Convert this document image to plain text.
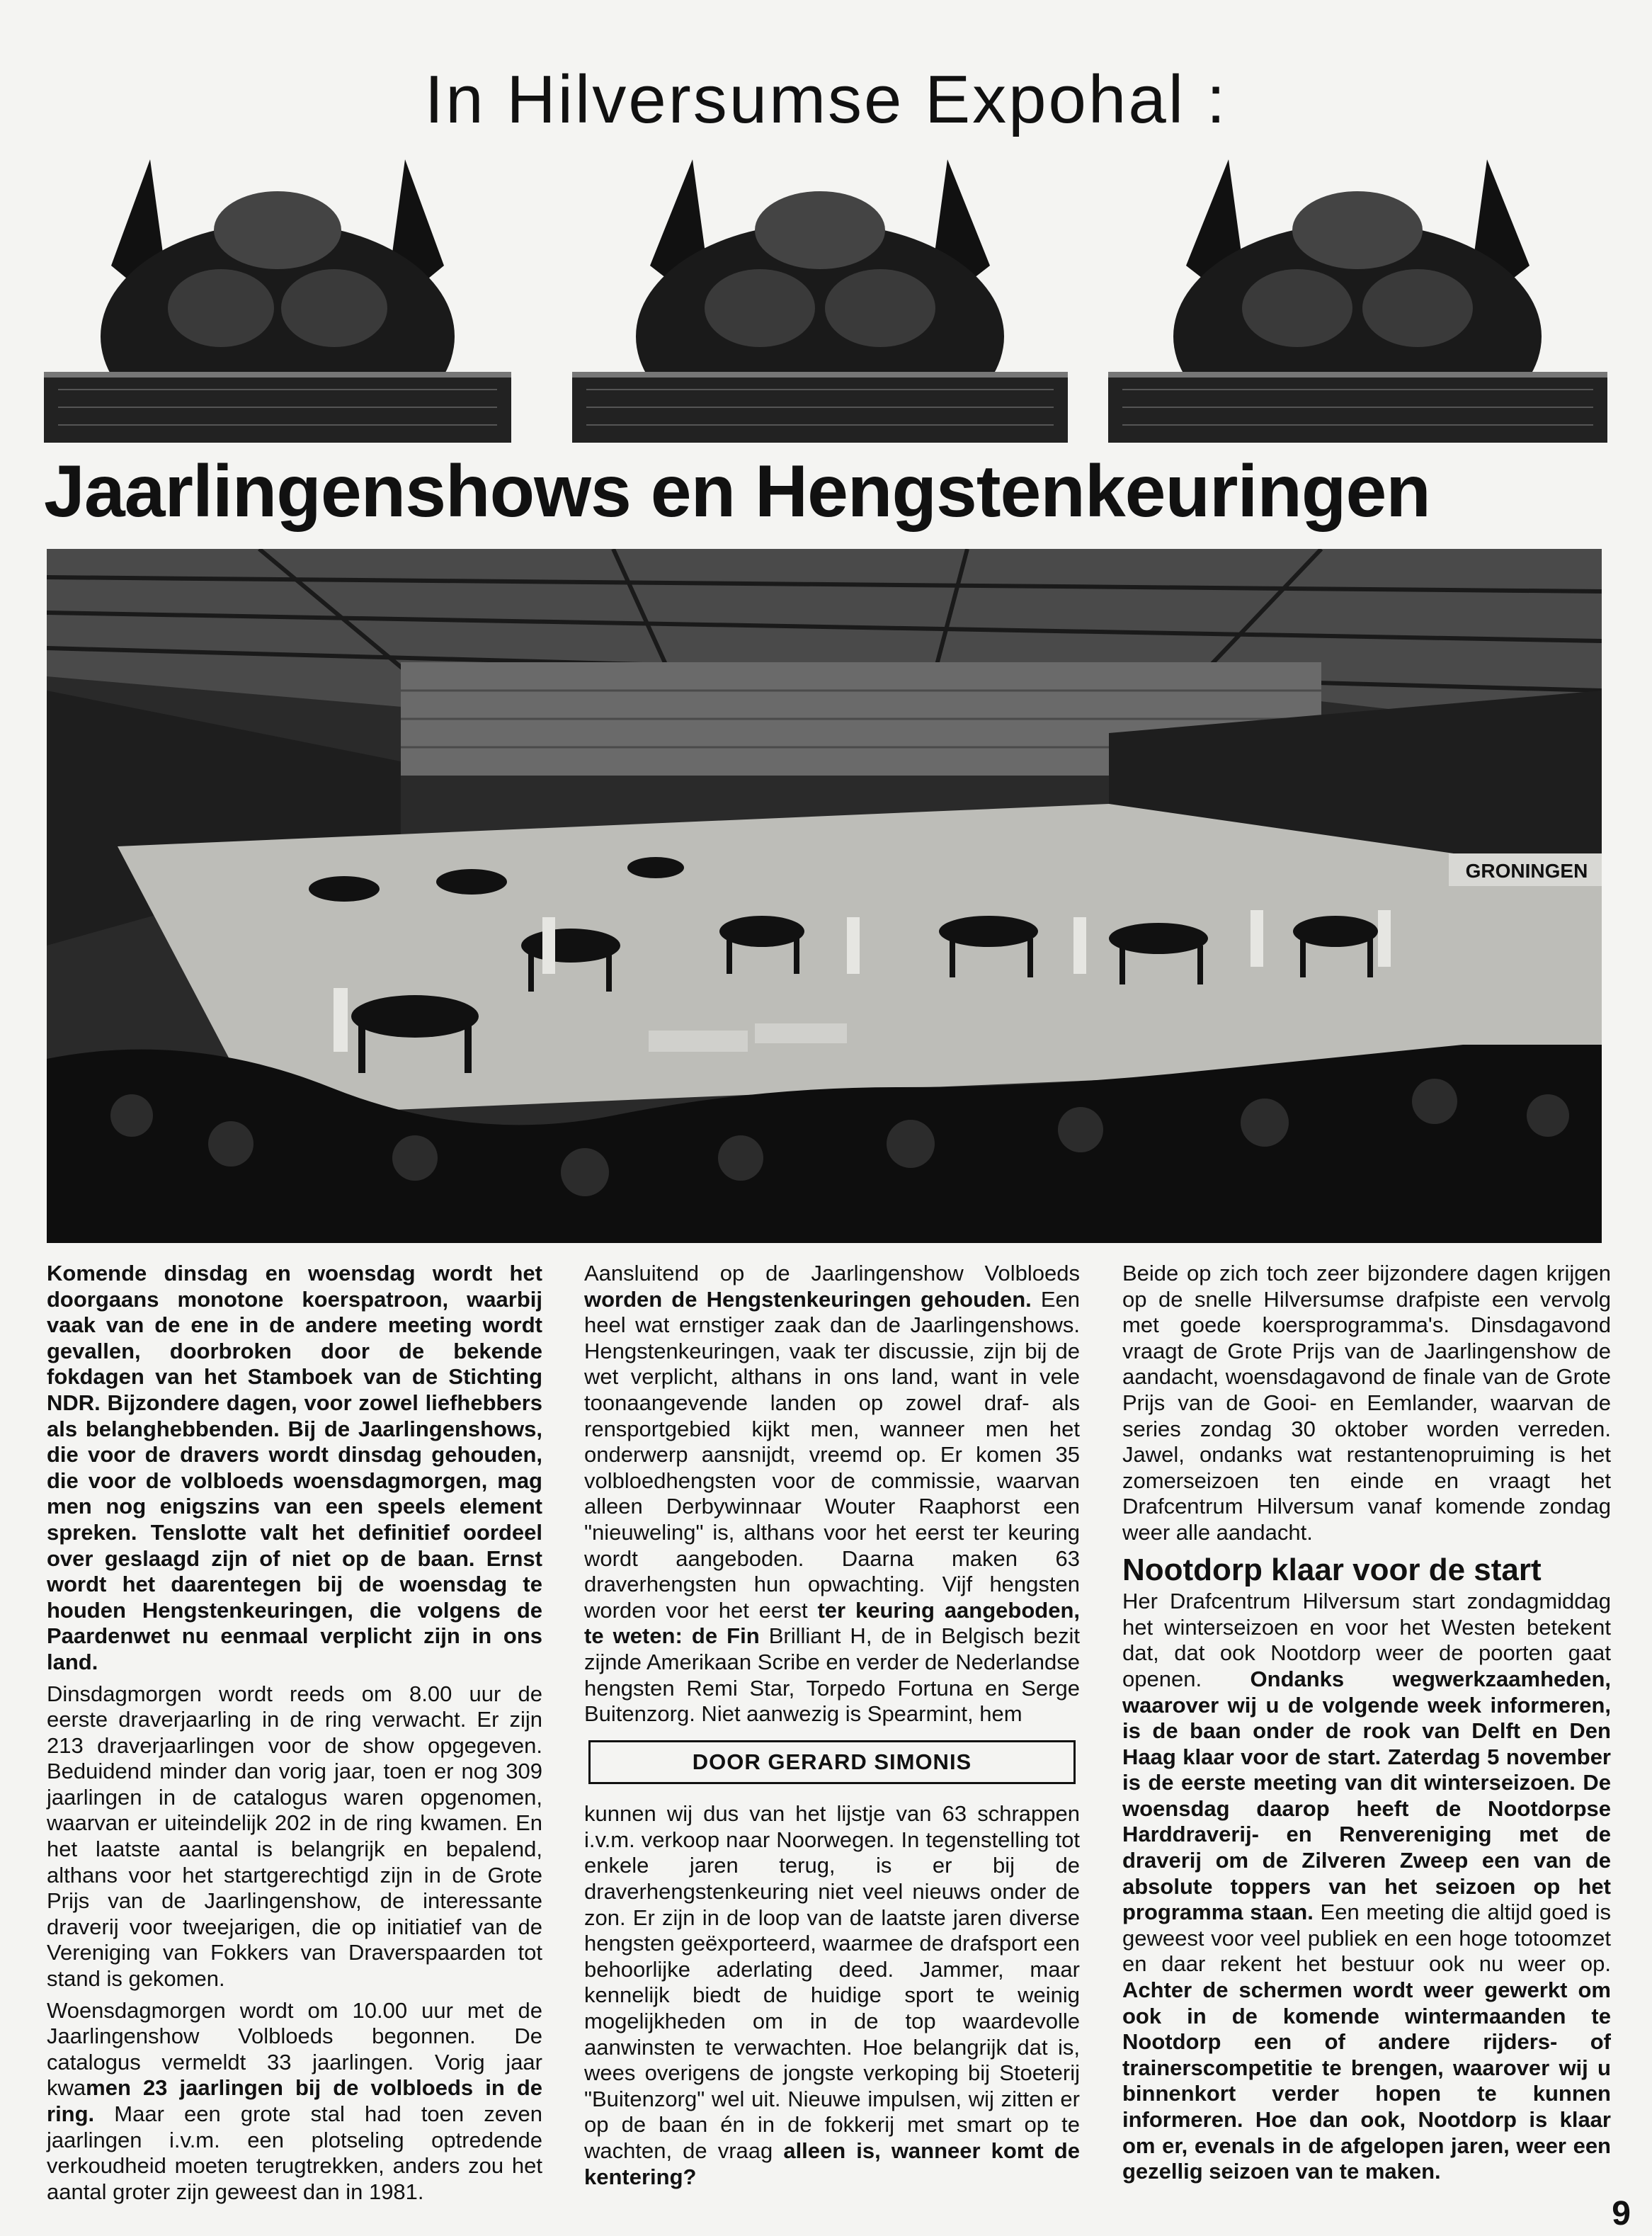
In Hilversumse Expohal :
Jaarlingenshows en Hengstenkeuringen
GRONINGEN

Komende dinsdag en woensdag wordt het doorgaans monotone koerspatroon, waarbij vaak van de ene in de andere meeting wordt gevallen, doorbroken door de bekende fokdagen van het Stamboek van de Stichting NDR. Bijzondere dagen, voor zowel liefhebbers als belanghebbenden. Bij de Jaarlingenshows, die voor de dravers wordt dinsdag gehouden, die voor de volbloeds woensdagmorgen, mag men nog enigszins van een speels element spreken. Tenslotte valt het definitief oordeel over geslaagd zijn of niet op de baan. Ernst wordt het daarentegen bij de woensdag te houden Hengstenkeuringen, die volgens de Paardenwet nu eenmaal verplicht zijn in ons land.

Dinsdagmorgen wordt reeds om 8.00 uur de eerste draverjaarling in de ring verwacht. Er zijn 213 draverjaarlingen voor de show opgegeven. Beduidend minder dan vorig jaar, toen er nog 309 jaarlingen in de catalogus waren opgenomen, waarvan er uiteindelijk 202 in de ring kwamen. En het laatste aantal is belangrijk en bepalend, althans voor het startgerechtigd zijn in de Grote Prijs van de Jaarlingenshow, de interessante draverij voor tweejarigen, die op initiatief van de Vereniging van Fokkers van Draverspaarden tot stand is gekomen.

Woensdagmorgen wordt om 10.00 uur met de Jaarlingenshow Volbloeds begonnen. De catalogus vermeldt 33 jaarlingen. Vorig jaar kwamen 23 jaarlingen bij de volbloeds in de ring. Maar een grote stal had toen zeven jaarlingen i.v.m. een plotseling optredende verkoudheid moeten terugtrekken, anders zou het aantal groter zijn geweest dan in 1981.

Aansluitend op de Jaarlingenshow Volbloeds worden de Hengstenkeuringen gehouden. Een heel wat ernstiger zaak dan de Jaarlingenshows. Hengstenkeuringen, vaak ter discussie, zijn bij de wet verplicht, althans in ons land, want in vele toonaangevende landen op zowel draf- als rensportgebied kijkt men, wanneer men het onderwerp aansnijdt, vreemd op. Er komen 35 volbloedhengsten voor de commissie, waarvan alleen Derbywinnaar Wouter Raaphorst een "nieuweling" is, althans voor het eerst ter keuring wordt aangeboden. Daarna maken 63 draverhengsten hun opwachting. Vijf hengsten worden voor het eerst ter keuring aangeboden, te weten: de Fin Brilliant H, de in Belgisch bezit zijnde Amerikaan Scribe en verder de Nederlandse hengsten Remi Star, Torpedo Fortuna en Serge Buitenzorg. Niet aanwezig is Spearmint, hem

DOOR GERARD SIMONIS

kunnen wij dus van het lijstje van 63 schrappen i.v.m. verkoop naar Noorwegen. In tegenstelling tot enkele jaren terug, is er bij de draverhengstenkeuring niet veel nieuws onder de zon. Er zijn in de loop van de laatste jaren diverse hengsten geëxporteerd, waarmee de drafsport een behoorlijke aderlating deed. Jammer, maar kennelijk biedt de huidige sport te weinig mogelijkheden om in de top waardevolle aanwinsten te verwachten. Hoe belangrijk dat is, wees overigens de jongste verkoping bij Stoeterij "Buitenzorg" wel uit. Nieuwe impulsen, wij zitten er op de baan én in de fokkerij met smart op te wachten, de vraag alleen is, wanneer komt de kentering?

Beide op zich toch zeer bijzondere dagen krijgen op de snelle Hilversumse drafpiste een vervolg met goede koersprogramma's. Dinsdagavond vraagt de Grote Prijs van de Jaarlingenshow de aandacht, woensdagavond de finale van de Grote Prijs van de Gooi- en Eemlander, waarvan de series zondag 30 oktober worden verreden. Jawel, ondanks wat restantenopruiming is het zomerseizoen ten einde en vraagt het Drafcentrum Hilversum vanaf komende zondag weer alle aandacht.

Nootdorp klaar voor de start

Her Drafcentrum Hilversum start zondagmiddag het winterseizoen en voor het Westen betekent dat, dat ook Nootdorp weer de poorten gaat openen. Ondanks wegwerkzaamheden, waarover wij u de volgende week informeren, is de baan onder de rook van Delft en Den Haag klaar voor de start. Zaterdag 5 november is de eerste meeting van dit winterseizoen. De woensdag daarop heeft de Nootdorpse Harddraverij- en Renvereniging met de draverij om de Zilveren Zweep een van de absolute toppers van het seizoen op het programma staan. Een meeting die altijd goed is geweest voor veel publiek en een hoge totoomzet en daar rekent het bestuur ook nu weer op. Achter de schermen wordt weer gewerkt om ook in de komende wintermaanden te Nootdorp een of andere rijders- of trainerscompetitie te brengen, waarover wij u binnenkort verder hopen te kunnen informeren. Hoe dan ook, Nootdorp is klaar om er, evenals in de afgelopen jaren, weer een gezellig seizoen van te maken.

9
